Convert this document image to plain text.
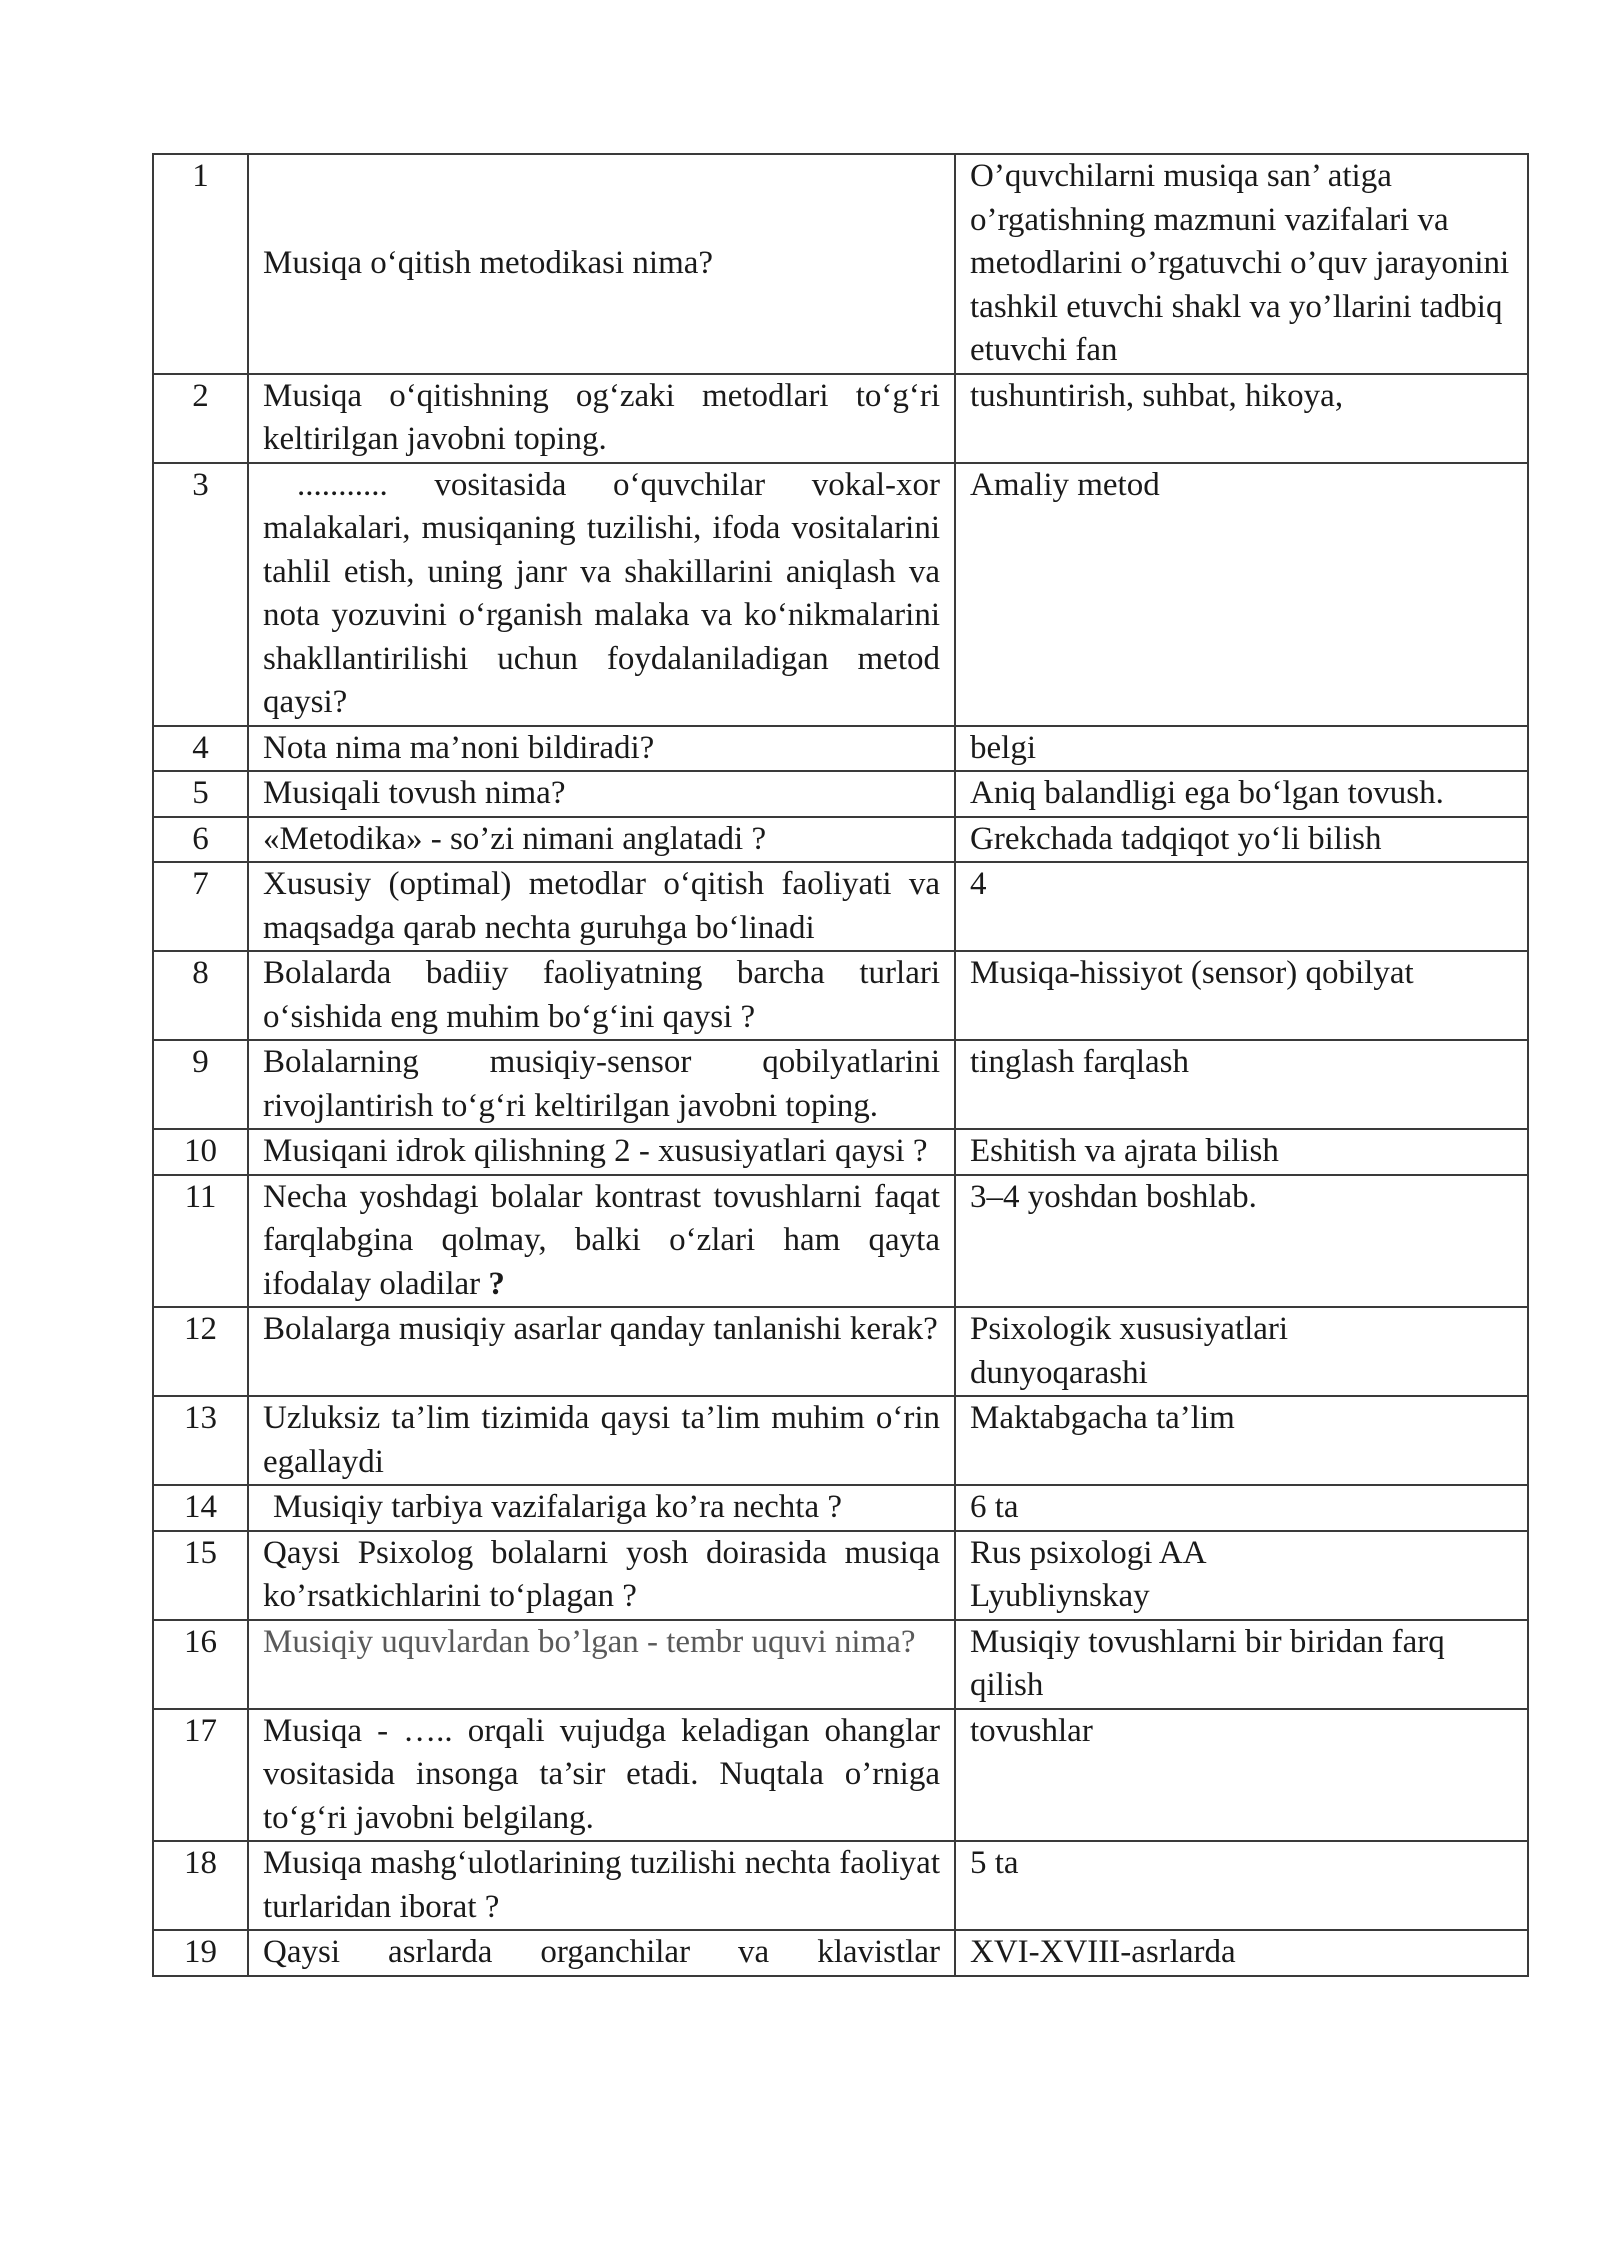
1	Musiqa o‘qitish metodikasi nima?	O’quvchilarni musiqa san’ atiga o’rgatishning mazmuni vazifalari va metodlarini o’rgatuvchi o’quv jarayonini tashkil etuvchi shakl va yo’llarini tadbiq etuvchi fan
2	Musiqa o‘qitishning og‘zaki metodlari to‘g‘ri keltirilgan javobni toping.	tushuntirish, suhbat, hikoya,
3	........... vositasida o‘quvchilar vokal-xor malakalari, musiqaning tuzilishi, ifoda vositalarini tahlil etish, uning janr va shakillarini aniqlash va nota yozuvini o‘rganish malaka va ko‘nikmalarini shakllantirilishi uchun foydalaniladigan metod qaysi?	Amaliy metod
4	Nota nima ma’noni bildiradi?	belgi
5	Musiqali tovush nima?	Aniq balandligi ega bo‘lgan tovush.
6	«Metodika» - so’zi nimani anglatadi ?	Grekchada tadqiqot yo‘li bilish
7	Xususiy (optimal) metodlar o‘qitish faoliyati va maqsadga qarab nechta guruhga bo‘linadi	4
8	Bolalarda badiiy faoliyatning barcha turlari o‘sishida eng muhim bo‘g‘ini qaysi ?	Musiqa-hissiyot (sensor) qobilyat
9	Bolalarning musiqiy-sensor qobilyatlarini rivojlantirish to‘g‘ri keltirilgan javobni toping.	tinglash farqlash
10	Musiqani idrok qilishning 2 - xususiyatlari qaysi ?	Eshitish va ajrata bilish
11	Necha yoshdagi bolalar kontrast tovushlarni faqat farqlabgina qolmay, balki o‘zlari ham qayta ifodalay oladilar ?	3–4 yoshdan boshlab.
12	Bolalarga musiqiy asarlar qanday tanlanishi kerak?	Psixologik xususiyatlari dunyoqarashi

13	Uzluksiz ta’lim tizimida qaysi ta’lim muhim o‘rin egallaydi	Maktabgacha ta’lim
14	Musiqiy tarbiya vazifalariga ko’ra nechta ?	6 ta
15	Qaysi Psixolog bolalarni yosh doirasida musiqa ko’rsatkichlarini to‘plagan ?	Rus psixologi AA Lyubliynskay

16	Musiqiy uquvlardan bo’lgan - tembr uquvi nima?	Musiqiy tovushlarni bir biridan farq qilish
17	Musiqa - ….. orqali vujudga keladigan ohanglar vositasida insonga ta’sir etadi. Nuqtala o’rniga to‘g‘ri javobni belgilang.	tovushlar
18	Musiqa mashg‘ulotlarining tuzilishi nechta faoliyat turlaridan iborat ?	5 ta
19	Qaysi asrlarda organchilar va klavistlar	XVI-XVIII-asrlarda
